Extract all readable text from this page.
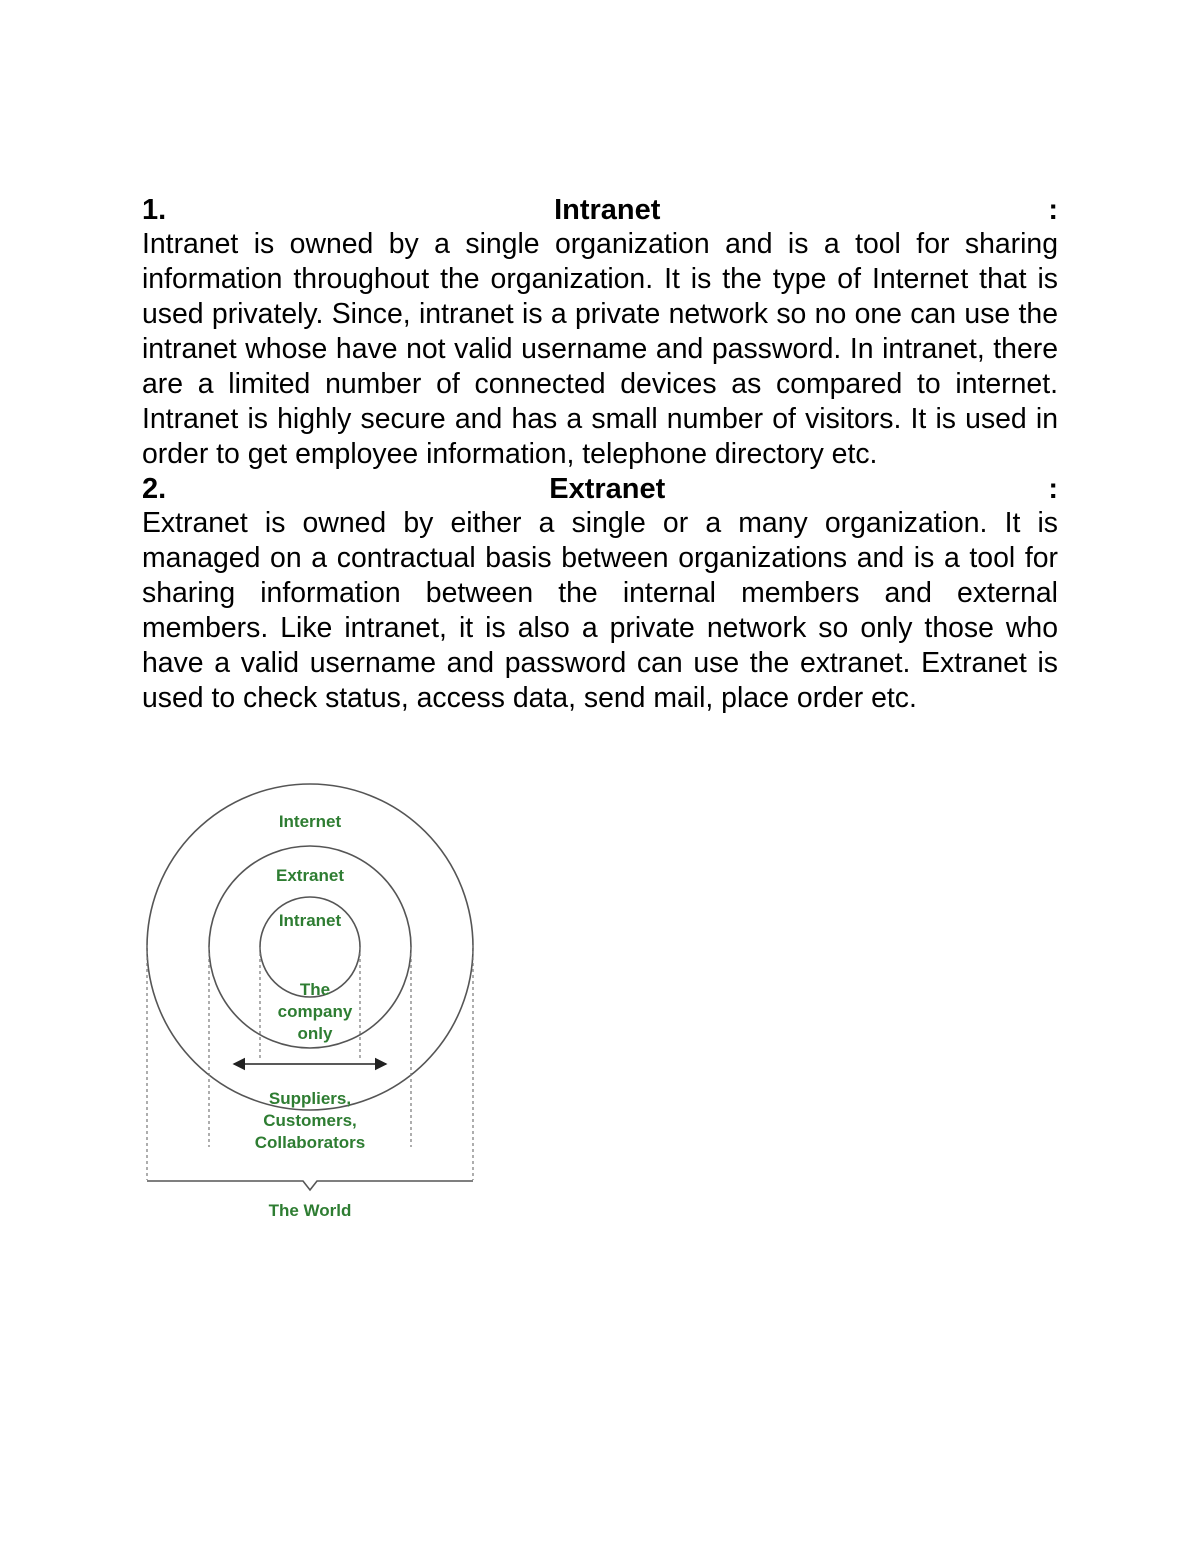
1.	Intranet	:

Intranet is owned by a single organization and is a tool for sharing information throughout the organization. It is the type of Internet that is used privately. Since, intranet is a private network so no one can use the intranet whose have not valid username and password. In intranet, there are a limited number of connected devices as compared to internet. Intranet is highly secure and has a small number of visitors. It is used in order to get employee information, telephone directory etc.

2.	Extranet	:

Extranet is owned by either a single or a many organization. It is managed on a contractual basis between organizations and is a tool for sharing information between the internal members and external members. Like intranet, it is also a private network so only those who have a valid username and password can use the extranet. Extranet is used to check status, access data, send mail, place order etc.

Internet
Extranet
Intranet
The
company
only
Suppliers,
Customers,
Collaborators
The World
